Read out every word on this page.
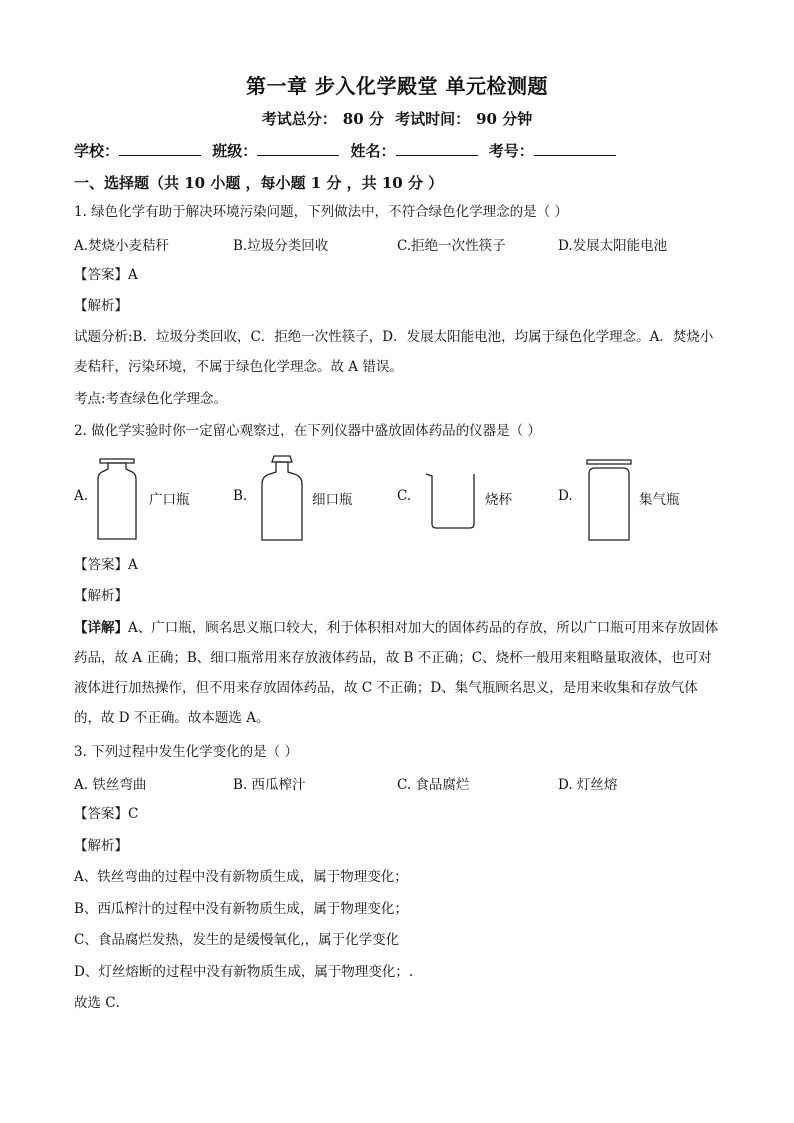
第一章 步入化学殿堂 单元检测题
考试总分： 80 分 考试时间： 90 分钟
学校：	班级：	姓名：	考号：
一、选择题（共 10 小题 ，每小题 1 分 ，共 10 分 ）
1. 绿色化学有助于解决环境污染问题，下列做法中，不符合绿色化学理念的是（ ）
A.焚烧小麦秸秆	B.垃圾分类回收	C.拒绝一次性筷子	D.发展太阳能电池
【答案】A
【解析】
试题分析:B．垃圾分类回收，C．拒绝一次性筷子，D．发展太阳能电池，均属于绿色化学理念。A．焚烧小麦秸秆，污染环境，不属于绿色化学理念。故 A 错误。
考点:考查绿色化学理念。
2. 做化学实验时你一定留心观察过，在下列仪器中盛放固体药品的仪器是（ ）
A.	广口瓶	B.	细口瓶	C.	烧杯	D.	集气瓶
【答案】A
【解析】
【详解】A、广口瓶，顾名思义瓶口较大，利于体积相对加大的固体药品的存放，所以广口瓶可用来存放固体药品，故 A 正确；B、细口瓶常用来存放液体药品，故 B 不正确；C、烧杯一般用来粗略量取液体，也可对液体进行加热操作，但不用来存放固体药品，故 C 不正确；D、集气瓶顾名思义，是用来收集和存放气体的，故 D 不正确。故本题选 A。
3. 下列过程中发生化学变化的是（ ）
A. 铁丝弯曲	B. 西瓜榨汁	C. 食品腐烂	D. 灯丝熔
【答案】C
【解析】
A、铁丝弯曲的过程中没有新物质生成，属于物理变化；
B、西瓜榨汁的过程中没有新物质生成，属于物理变化；
C、食品腐烂发热，发生的是缓慢氧化,，属于化学变化
D、灯丝熔断的过程中没有新物质生成，属于物理变化；.
故选 C．
